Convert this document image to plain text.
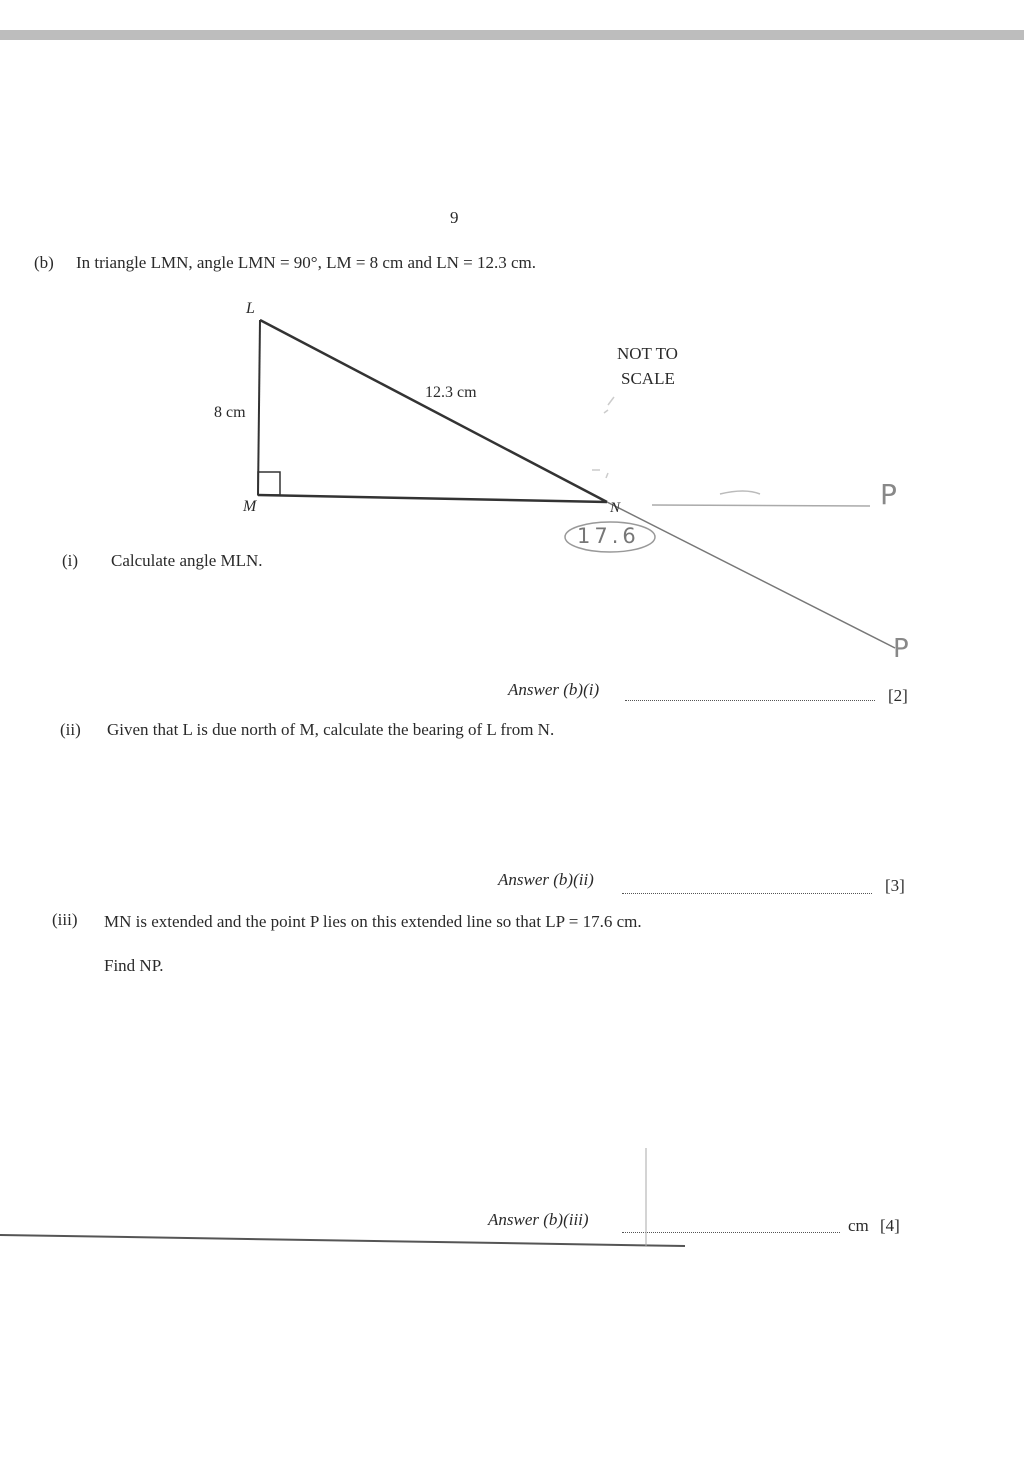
9
(b) In triangle LMN, angle LMN = 90°, LM = 8 cm and LN = 12.3 cm.
L
M	N
8 cm
12.3 cm
NOT TO
SCALE
17.6
P
P
(i) Calculate angle MLN.
Answer (b)(i)	[2]
(ii) Given that L is due north of M, calculate the bearing of L from N.
Answer (b)(ii)	[3]
(iii) MN is extended and the point P lies on this extended line so that LP = 17.6 cm.
Find NP.
Answer (b)(iii)	cm [4]
